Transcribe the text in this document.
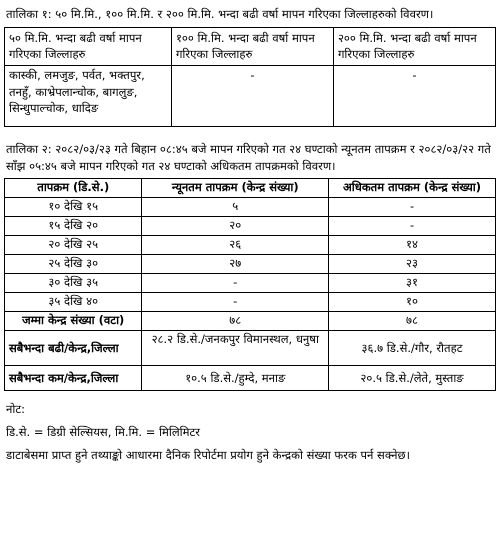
तालिका १: ५० मि.मि., १०० मि.मि. र २०० मि.मि. भन्दा बढी वर्षा मापन गरिएका जिल्लाहरुको विवरण।

५० मि.मि. भन्दा बढी वर्षा मापन गरिएका जिल्लाहरु	१०० मि.मि. भन्दा बढी वर्षा मापन गरिएका जिल्लाहरु	२०० मि.मि. भन्दा बढी वर्षा मापन गरिएका जिल्लाहरु
कास्की, लमजुङ, पर्वत, भक्तपुर, तनहुँ, काभ्रेपलान्चोक, बागलुङ, सिन्धुपाल्चोक, धादिङ	-	-

तालिका २: २०८२/०३/२३ गते बिहान ०८:४५ बजे मापन गरिएको गत २४ घण्टाको न्यूनतम तापक्रम र २०८२/०३/२२ गते साँझ ०५:४५ बजे मापन गरिएको गत २४ घण्टाको अधिकतम तापक्रमको विवरण।

तापक्रम (डि.से.)	न्यूनतम तापक्रम (केन्द्र संख्या)	अधिकतम तापक्रम (केन्द्र संख्या)
१० देखि १५	५	-
१५ देखि २०	२०	-
२० देखि २५	२६	१४
२५ देखि ३०	२७	२३
३० देखि ३५	-	३१
३५ देखि ४०	-	१०
जम्मा केन्द्र संख्या (वटा)	७८	७८
सबैभन्दा बढी/केन्द्र,जिल्ला	२८.२ डि.से./जनकपुर विमानस्थल, धनुषा	३६.७ डि.से./गौर, रौतहट
सबैभन्दा कम/केन्द्र,जिल्ला	१०.५ डि.से./हुम्दे, मनाङ	२०.५ डि.से./लेते, मुस्ताङ

नोट:

डि.से. = डिग्री सेल्सियस, मि.मि. = मिलिमिटर

डाटाबेसमा प्राप्त हुने तथ्याङ्को आधारमा दैनिक रिपोर्टमा प्रयोग हुने केन्द्रको संख्या फरक पर्न सक्नेछ।
